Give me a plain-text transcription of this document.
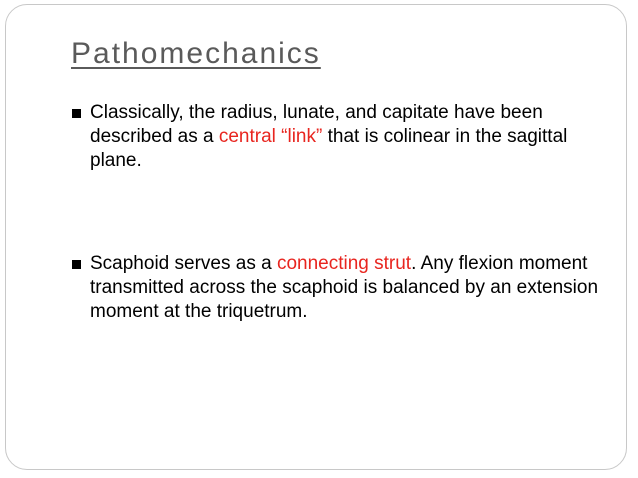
Pathomechanics
Classically, the radius, lunate, and capitate have been described as a central “link” that is colinear in the sagittal plane.
Scaphoid serves as a connecting strut. Any flexion moment transmitted across the scaphoid is balanced by an extension moment at the triquetrum.
